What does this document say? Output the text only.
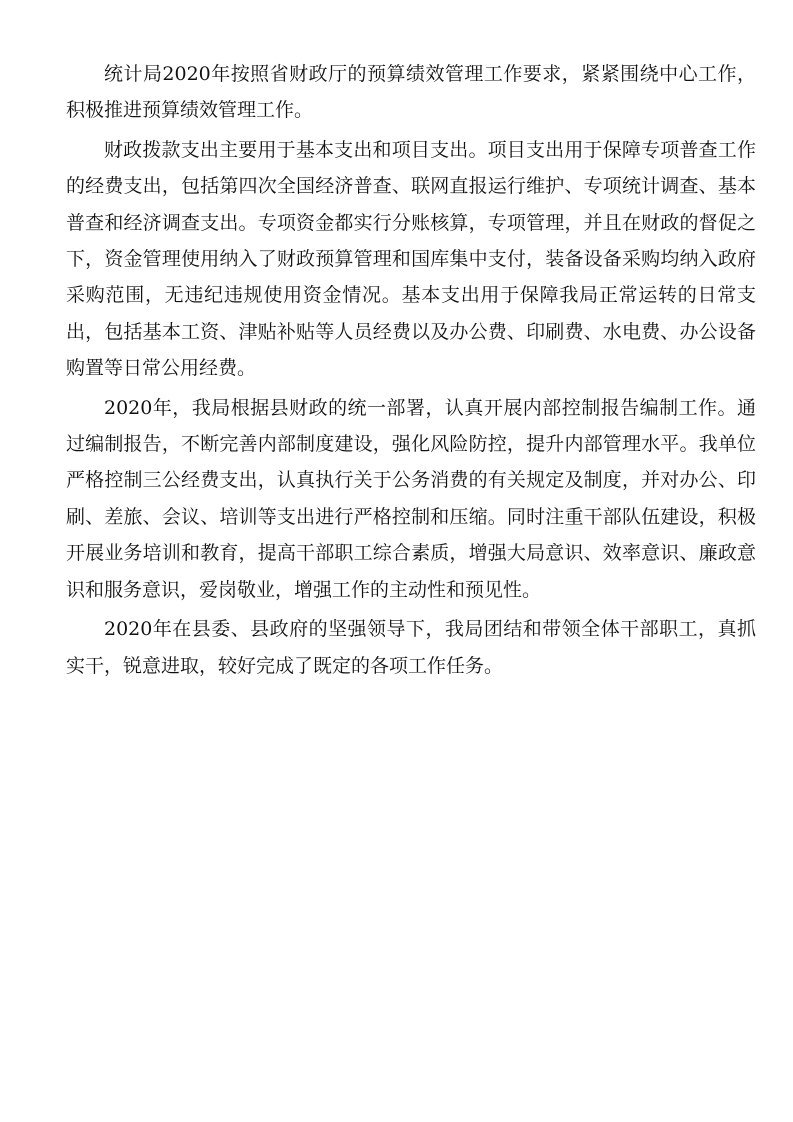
统计局2020年按照省财政厅的预算绩效管理工作要求，紧紧围绕中心工作，积极推进预算绩效管理工作。

财政拨款支出主要用于基本支出和项目支出。项目支出用于保障专项普查工作的经费支出，包括第四次全国经济普查、联网直报运行维护、专项统计调查、基本普查和经济调查支出。专项资金都实行分账核算，专项管理，并且在财政的督促之下，资金管理使用纳入了财政预算管理和国库集中支付，装备设备采购均纳入政府采购范围，无违纪违规使用资金情况。基本支出用于保障我局正常运转的日常支出，包括基本工资、津贴补贴等人员经费以及办公费、印刷费、水电费、办公设备购置等日常公用经费。

2020年，我局根据县财政的统一部署，认真开展内部控制报告编制工作。通过编制报告，不断完善内部制度建设，强化风险防控，提升内部管理水平。我单位严格控制三公经费支出，认真执行关于公务消费的有关规定及制度，并对办公、印刷、差旅、会议、培训等支出进行严格控制和压缩。同时注重干部队伍建设，积极开展业务培训和教育，提高干部职工综合素质，增强大局意识、效率意识、廉政意识和服务意识，爱岗敬业，增强工作的主动性和预见性。

2020年在县委、县政府的坚强领导下，我局团结和带领全体干部职工，真抓实干，锐意进取，较好完成了既定的各项工作任务。
